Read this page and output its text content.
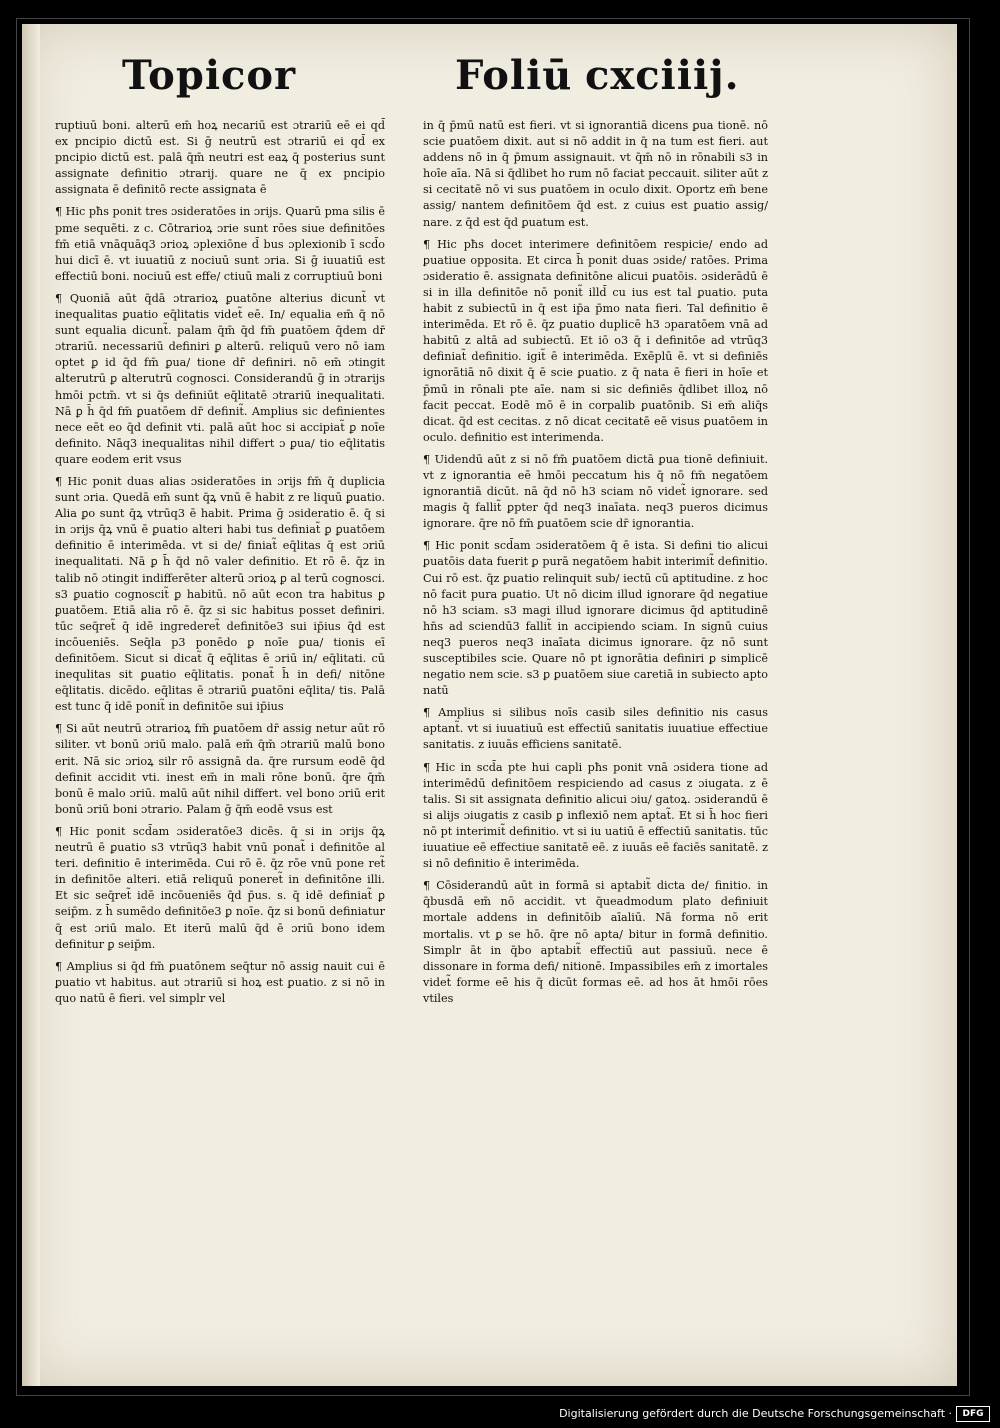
Topicor	Foliū cxciiij.

ruptiuū boni. alterū em̄ hoꝝ necariū est ɔtrariū eē ei qd̄ ex pncipio dictū est. Si ḡ neutrū est ɔtrariū ei qd̄ ex pncipio dictū est. palā q̄m̄ neutri est eaꝝ q̄ posterius sunt assignate definitio ɔtrarij. quare ne q̄ ex pncipio assignata ē definitō recte assignata ē

¶ Hic pħs ponit tres ɔsideratōes in ɔrijs. Quarū pma silis ē pme sequēti. z c. Cōtrarioꝝ ɔrie sunt rōes siue definitōes fm̄ etiā vnāquāq3 ɔrioꝝ ɔplexiōne d̄ bus ɔplexionib ī scd̄o hui dicī ē. vt iuuatiū z nociuū sunt ɔria. Si ḡ iuuatiū est effectiū boni. nociuū est effe/ ctiuū mali z corruptiuū boni

¶ Quoniā aūt q̄dā ɔtrarioꝝ ꝑuatōne alterius dicunt̃ vt inequalitas ꝑuatio eq̄litatis videt̃ eē. In/ equalia em̄ q̄ nō sunt equalia dicunt̃. palam q̄m̄ q̄d fm̄ ꝑuatōem q̄dem dr̄ ɔtrariū. necessariū definiri ꝑ alterū. reliquū vero nō iam optet ꝑ id q̄d fm̄ ꝑua/ tione dr̄ definiri. nō em̄ ɔtingit alterutrū ꝑ alterutrū cognosci. Considerandū ḡ in ɔtrarijs hmōi pctm̄. vt si q̄s definiūt eq̄litatē ɔtrariū inequalitati. Nā ꝑ h̄ q̄d fm̄ ꝑuatōem dr̄ definit̃. Amplius sic definientes nece eēt eo q̄d definit vti. palā aūt hoc si accipiat̃ ꝑ noīe definito. Nāq3 inequalitas nihil differt ɔ ꝑua/ tio eq̄litatis quare eodem erit vsus

¶ Hic ponit duas alias ɔsideratōes in ɔrijs fm̄ q̄ duplicia sunt ɔria. Quedā em̄ sunt q̄ꝝ vnū ē habit z re liquū ꝑuatio. Alia ꝑo sunt q̄ꝝ vtrūq3 ē habit. Prima ḡ ɔsideratio ē. q̄ si in ɔrijs q̄ꝝ vnū ē ꝑuatio alteri habi tus definiat̃ ꝑ ꝑuatōem definitio ē interimēda. vt si de/ finiat̃ eq̄litas q̄ est ɔriū inequalitati. Nā ꝑ h̄ q̄d nō valer definitio. Et rō ē. q̄z in talib nō ɔtingit indifferēter alterū ɔrioꝝ ꝑ al terū cognosci. s3 ꝑuatio cognoscit̃ ꝑ habitū. nō aūt econ tra habitus ꝑ ꝑuatōem. Etiā alia rō ē. q̄z si sic habitus posset definiri. tūc seq̄ret̃ q̄ idē ingrederet̃ definitōe3 sui ip̄ius q̄d est incōueniēs. Seq̄la p3 ponēdo ꝑ noīe ꝑua/ tionis eī definitōem. Sicut si dicat̃ q̄ eq̄litas ē ɔriū in/ eq̄litati. cū inequlitas sit ꝑuatio eq̄litatis. ponat̃ h̄ in defi/ nitōne eq̄litatis. dicēdo. eq̄litas ē ɔtrariū ꝑuatōni eq̄lita/ tis. Palā est tunc q̄ idē ponit̃ in definitōe sui ip̄ius

¶ Si aūt neutrū ɔtrarioꝝ fm̄ ꝑuatōem dr̄ assig netur aūt rō siliter. vt bonū ɔriū malo. palā em̄ q̄m̄ ɔtrariū malū bono erit. Nā sic ɔrioꝝ silr rō assignā da. q̄re rursum eodē q̄d definit accidit vti. inest em̄ in mali rōne bonū. q̄re q̄m̄ bonū ē malo ɔriū. malū aūt nihil differt. vel bono ɔriū erit bonū ɔriū boni ɔtrario. Palam ḡ q̄m̄ eodē vsus est

¶ Hic ponit scd̄am ɔsideratōe3 dicēs. q̄ si in ɔrijs q̄ꝝ neutrū ē ꝑuatio s3 vtrūq3 habit vnū ponat̃ i definitōe al teri. definitio ē interimēda. Cui rō ē. q̄z rōe vnū pone ret̃ in definitōe alteri. etiā reliquū poneret̃ in definitōne illi. Et sic seq̄ret̃ idē incōueniēs q̄d p̄us. s. q̄ idē definiat̃ ꝑ seip̄m. z h̄ sumēdo definitōe3 ꝑ noīe. q̄z si bonū definiatur q̄ est ɔriū malo. Et iterū malū q̄d ē ɔriū bono idem definitur ꝑ seip̄m.

¶ Amplius si q̄d fm̄ ꝑuatōnem seq̄tur nō assig nauit cui ē ꝑuatio vt habitus. aut ɔtrariū si hoꝝ est ꝑuatio. z si nō in quo natū ē fieri. vel simplr vel

in q̄ p̄mū natū est fieri. vt si ignorantiā dicens ꝑua tionē. nō scie ꝑuatōem dixit. aut si nō addit in q̄ na tum est fieri. aut addens nō in q̄ p̄mum assignauit. vt q̄m̄ nō in rōnabili s3 in hoīe aīa. Nā si q̄dlibet ho rum nō faciat peccauit. siliter aūt z si cecitatē nō vi sus ꝑuatōem in oculo dixit. Oportz em̄ bene assig/ nantem definitōem q̄d est. z cuius est ꝑuatio assig/ nare. z q̄d est q̄d ꝑuatum est.

¶ Hic pħs docet interimere definitōem respicie/ endo ad ꝑuatiue opposita. Et circa h̄ ponit duas ɔside/ ratōes. Prima ɔsideratio ē. assignata definitōne alicui ꝑuatōis. ɔsiderādū ē si in illa definitōe nō ponit̃ illd̄ cu ius est tal ꝑuatio. puta habit z subiectū in q̄ est ip̄a p̄mo nata fieri. Tal definitio ē interimēda. Et rō ē. q̄z ꝑuatio duplicē h3 ɔparatōem vnā ad habitū z altā ad subiectū. Et iō o3 q̄ i definitōe ad vtrūq3 definiat̃ definitio. igit̃ ē interimēda. Exēplū ē. vt si definiēs ignorātiā nō dixit q̄ ē scie ꝑuatio. z q̄ nata ē fieri in hoīe et p̄mū in rōnali pte aīe. nam si sic definiēs q̄dlibet illoꝝ nō facit peccat. Eodē mō ē in corpalib ꝑuatōnib. Si em̄ aliq̄s dicat. q̄d est cecitas. z nō dicat cecitatē eē visus ꝑuatōem in oculo. definitio est interimenda.

¶ Uidendū aūt z si nō fm̄ ꝑuatōem dictā ꝑua tionē definiuit. vt z ignorantia eē hmōi peccatum his q̄ nō fm̄ negatōem ignorantiā dicūt. nā q̄d nō h3 sciam nō videt̃ ignorare. sed magis q̄ fallit̃ ꝑpter q̄d neq3 inaīata. neq3 pueros dicimus ignorare. q̄re nō fm̄ ꝑuatōem scie dr̄ ignorantia.

¶ Hic ponit scd̄am ɔsideratōem q̄ ē ista. Si defini tio alicui ꝑuatōis data fuerit ꝑ purā negatōem habit interimit̃ definitio. Cui rō est. q̄z ꝑuatio relinquit sub/ iectū cū aptitudine. z hoc nō facit pura ꝑuatio. Ut nō dicim illud ignorare q̄d negatiue nō h3 sciam. s3 magi illud ignorare dicimus q̄d aptitudinē hn̄s ad sciendū3 fallit̃ in accipiendo sciam. In signū cuius neq3 pueros neq3 inaīata dicimus ignorare. q̄z nō sunt susceptibiles scie. Quare nō pt ignorātia definiri ꝑ simplicē negatio nem scie. s3 ꝑ ꝑuatōem siue caretiā in subiecto apto natū

¶ Amplius si silibus noīs casib siles definitio nis casus aptant̃. vt si iuuatiuū est effectiū sanitatis iuuatiue effectiue sanitatis. z iuuās efficiens sanitatē.

¶ Hic in scd̄a pte hui capli pħs ponit vnā ɔsidera tione ad interimēdū definitōem respiciendo ad casus z ɔiugata. z ē talis. Si sit assignata definitio alicui ɔiu/ gatoꝝ. ɔsiderandū ē si alijs ɔiugatis z casib ꝑ inflexiō nem aptat̃. Et si h̄ hoc fieri nō pt interimit̃ definitio. vt si iu uatiū ē effectiū sanitatis. tūc iuuatiue eē effectiue sanitatē eē. z iuuās eē faciēs sanitatē. z si nō definitio ē interimēda.

¶ Cōsiderandū aūt in formā si aptabit̃ dicta de/ finitio. in q̄busdā em̄ nō accidit. vt q̄ueadmodum plato definiuit mortale addens in definitōib aīaliū. Nā forma nō erit mortalis. vt ꝑ se hō. q̄re nō apta/ bitur in formā definitio. Simplr āt in q̄bo aptabit̃ effectiū aut passiuū. nece ē dissonare in forma defi/ nitionē. Impassibiles em̄ z imortales videt̃ forme eē his q̄ dicūt formas eē. ad hos āt hmōi rōes vtiles

Digitalisierung gefördert durch die Deutsche Forschungsgemeinschaft ·	DFG
